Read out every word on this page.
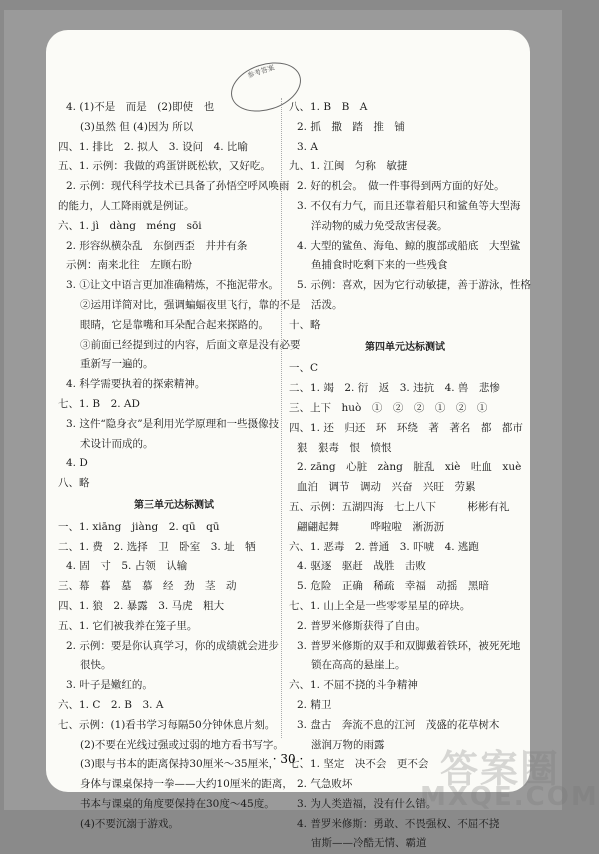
参考答案
4. (1)不是　而是　(2)即使　也
(3)虽然 但 (4)因为 所以
四、1. 排比　2. 拟人　3. 设问　4. 比喻
五、1. 示例：我做的鸡蛋饼既松软，又好吃。
2. 示例：现代科学技术已具备了孙悟空呼风唤雨
的能力，人工降雨就是例证。
六、1. jì　dàng　méng　sōi
2. 形容纵横杂乱　东倒西歪　井井有条
示例：南来北往　左顾右盼
3. ①让文中语言更加准确精炼，不拖泥带水。
②运用详简对比，强调蝙蝠夜里飞行，靠的不是
眼睛，它是靠嘴和耳朵配合起来探路的。
③前面已经提到过的内容，后面文章是没有必要
重新写一遍的。
4. 科学需要执着的探索精神。
七、1. B　2. AD
3. 这件“隐身衣”是利用光学原理和一些摄像技
术设计而成的。
4. D
八、略
第三单元达标测试
一、1. xiāng　jiàng　2. qū　qū
二、1. 费　2. 选择　卫　卧室　3. 址　牺
4. 固　寸　5. 占领　认输
三、幕　暮　墓　慕　经　劲　茎　动
四、1. 狼　2. 暴露　3. 马虎　粗大
五、1. 它们被我养在笼子里。
2. 示例：要是你认真学习，你的成绩就会进步
很快。
3. 叶子是嫩红的。
六、1. C　2. B　3. A
七、示例：(1)看书学习每隔50分钟休息片刻。
(2)不要在光线过强或过弱的地方看书写字。
(3)眼与书本的距离保持30厘米～35厘米，
身体与课桌保持一拳——大约10厘米的距离，
书本与课桌的角度要保持在30度～45度。
(4)不要沉溺于游戏。
八、1. B　B　A
2. 抓　撒　踏　推　铺
3. A
九、1. 江闽　匀称　敏捷
2. 好的机会。　做一件事得到两方面的好处。
3. 不仅有力气，而且还靠着船只和鲨鱼等大型海
洋动物的威力免受敌害侵袭。
4. 大型的鲨鱼、海龟、鲸的腹部或船底　大型鲨
鱼捕食时吃剩下来的一些残食
5. 示例：喜欢，因为它行动敏捷，善于游泳，性格
活泼。
十、略
第四单元达标测试
一、C
二、1. 竭　2. 衍　返　3. 违抗　4. 兽　悲惨
三、上下　huò　①　②　②　①　②　①
四、1. 还　归还　环　环绕　著　著名　都　都市
狠　狠毒　恨　愤恨
2. zāng　心脏　zàng　脏乱　xiè　吐血　xuè
血泊　调节　调动　兴奋　兴旺　劳累
五、示例：五湖四海　七上八下　　　彬彬有礼
翩翩起舞　　　哗啦啦　淅沥沥
六、1. 恶毒　2. 普通　3. 吓唬　4. 逃跑
4. 驱逐　驱赶　战胜　击败
5. 危险　正确　稀疏　幸福　动摇　黑暗
七、1. 山上全是一些零零星星的碎块。
2. 普罗米修斯获得了自由。
3. 普罗米修斯的双手和双脚戴着铁环，被死死地
锁在高高的悬崖上。
六、1. 不屈不挠的斗争精神
2. 精卫
3. 盘古　奔流不息的江河　茂盛的花草树木
滋润万物的雨露
七、1. 坚定　决不会　更不会
2. 气急败坏
3. 为人类造福，没有什么错。
4. 普罗米修斯：勇敢、不畏强权、不屈不挠
宙斯——冷酷无情、霸道
· 30 ·	答案圈
MXQE.COM
